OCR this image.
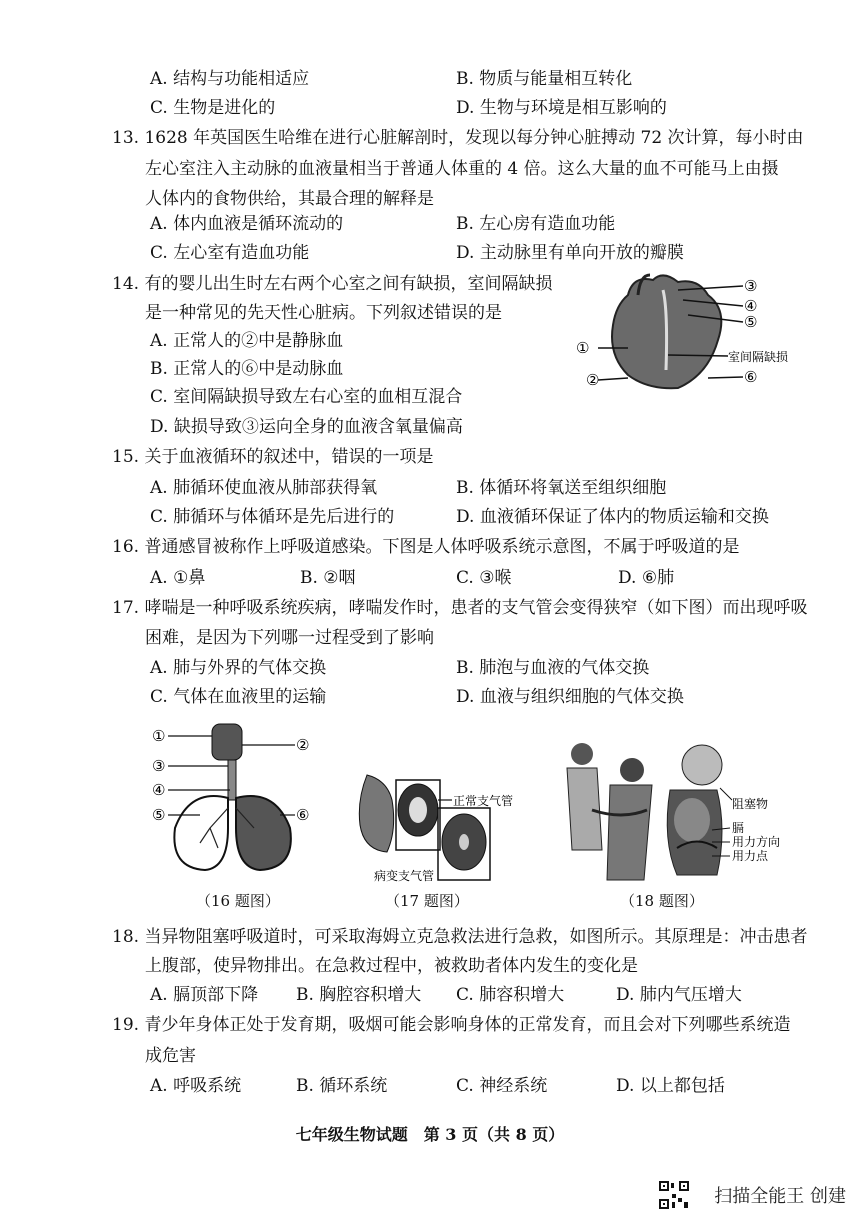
A. 结构与功能相适应	B. 物质与能量相互转化
C. 生物是进化的	D. 生物与环境是相互影响的
13. 1628 年英国医生哈维在进行心脏解剖时，发现以每分钟心脏搏动 72 次计算，每小时由
左心室注入主动脉的血液量相当于普通人体重的 4 倍。这么大量的血不可能马上由摄
人体内的食物供给，其最合理的解释是
A. 体内血液是循环流动的	B. 左心房有造血功能
C. 左心室有造血功能	D. 主动脉里有单向开放的瓣膜
14. 有的婴儿出生时左右两个心室之间有缺损，室间隔缺损
是一种常见的先天性心脏病。下列叙述错误的是
A. 正常人的②中是静脉血
B. 正常人的⑥中是动脉血
C. 室间隔缺损导致左右心室的血相互混合
D. 缺损导致③运向全身的血液含氧量偏高
①
②
③
④
⑤
室间隔缺损
⑥
15. 关于血液循环的叙述中，错误的一项是
A. 肺循环使血液从肺部获得氧	B. 体循环将氧送至组织细胞
C. 肺循环与体循环是先后进行的	D. 血液循环保证了体内的物质运输和交换
16. 普通感冒被称作上呼吸道感染。下图是人体呼吸系统示意图，不属于呼吸道的是
A. ①鼻	B. ②咽	C. ③喉	D. ⑥肺
17. 哮喘是一种呼吸系统疾病，哮喘发作时，患者的支气管会变得狭窄（如下图）而出现呼吸
困难，是因为下列哪一过程受到了影响
A. 肺与外界的气体交换	B. 肺泡与血液的气体交换
C. 气体在血液里的运输	D. 血液与组织细胞的气体交换
①	②
③
④
⑤	⑥
（16 题图）
正常支气管
病变支气管
（17 题图）
阻塞物
膈
用力方向
用力点
（18 题图）
18. 当异物阻塞呼吸道时，可采取海姆立克急救法进行急救，如图所示。其原理是：冲击患者
上腹部，使异物排出。在急救过程中，被救助者体内发生的变化是
A. 膈顶部下降 B. 胸腔容积增大 C. 肺容积增大	D. 肺内气压增大
19. 青少年身体正处于发育期，吸烟可能会影响身体的正常发育，而且会对下列哪些系统造
成危害
A. 呼吸系统	B. 循环系统	C. 神经系统	D. 以上都包括
七年级生物试题　第 3 页（共 8 页）
扫描全能王 创建
